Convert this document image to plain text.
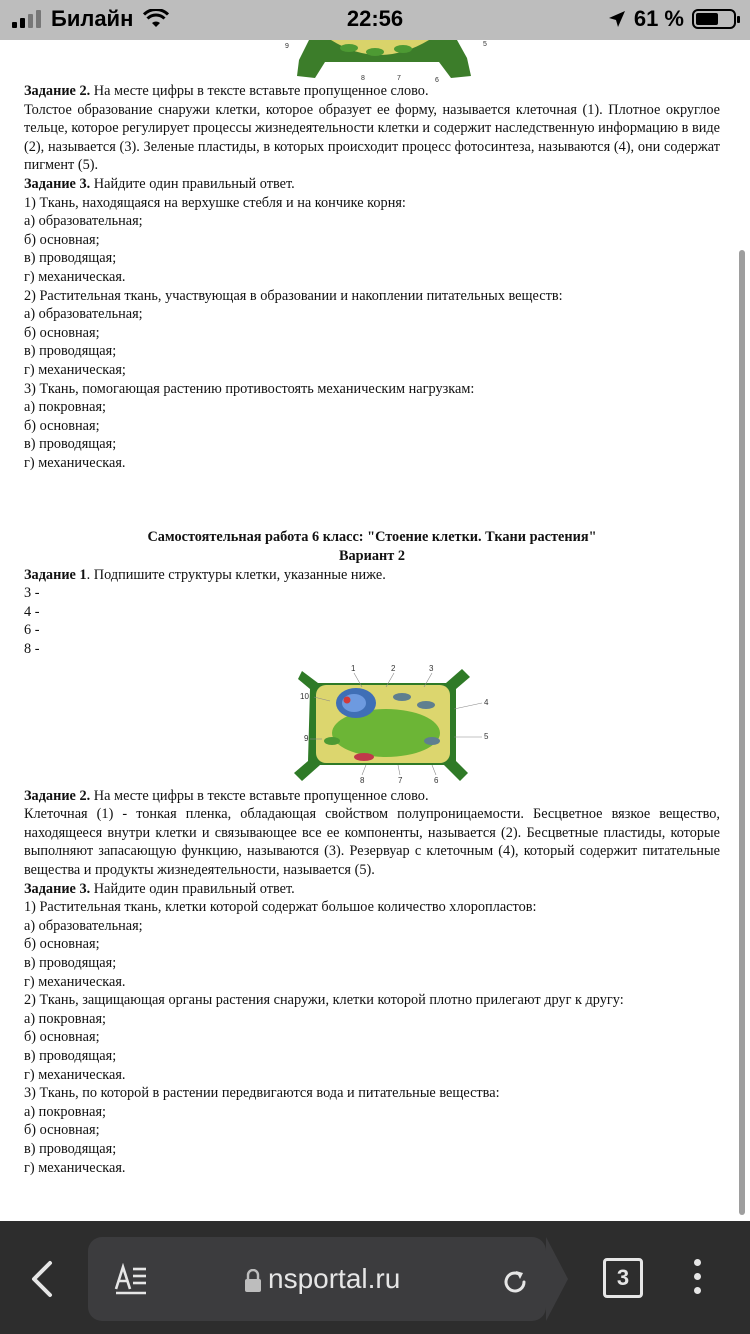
Билайн	22:56	61 %
9
8	7	6
5

Задание 2. На месте цифры в тексте вставьте пропущенное слово.

Толстое образование снаружи клетки, которое образует ее форму, называется клеточная (1). Плотное округлое тельце, которое регулирует процессы жизнедеятельности клетки и содержит наследственную информацию в виде (2), называется (3). Зеленые пластиды, в которых происходит процесс фотосинтеза, называются (4), они содержат пигмент (5).

Задание 3. Найдите один правильный ответ.

1) Ткань, находящаяся на верхушке стебля и на кончике корня:

а) образовательная;

б) основная;

в) проводящая;

г) механическая.

2) Растительная ткань, участвующая в образовании и накоплении питательных веществ:

а) образовательная;

б) основная;

в) проводящая;

г) механическая;

3) Ткань, помогающая растению противостоять механическим нагрузкам:

а) покровная;

б) основная;

в) проводящая;

г) механическая.

Самостоятельная работа 6 класс: "Стоение клетки. Ткани растения"

Вариант 2

Задание 1. Подпишите структуры клетки, указанные ниже.

3 -

4 -

6 -

8 -

1	2	3
10
4
9	5
8	7	6

Задание 2. На месте цифры в тексте вставьте пропущенное слово.

Клеточная (1) - тонкая пленка, обладающая свойством полупроницаемости. Бесцветное вязкое вещество, находящееся внутри клетки и связывающее все ее компоненты, называется (2). Бесцветные пластиды, которые выполняют запасающую функцию, называются (3). Резервуар с клеточным (4), который содержит питательные вещества и продукты жизнедеятельности, называется (5).

Задание 3. Найдите один правильный ответ.

1) Растительная ткань, клетки которой содержат большое количество хлоропластов:

а) образовательная;

б) основная;

в) проводящая;

г) механическая.

2) Ткань, защищающая органы растения снаружи, клетки которой плотно прилегают друг к другу:

а) покровная;

б) основная;

в) проводящая;

г) механическая.

3) Ткань, по которой в растении передвигаются вода и питательные вещества:

а) покровная;

б) основная;

в) проводящая;

г) механическая.

nsportal.ru	3
